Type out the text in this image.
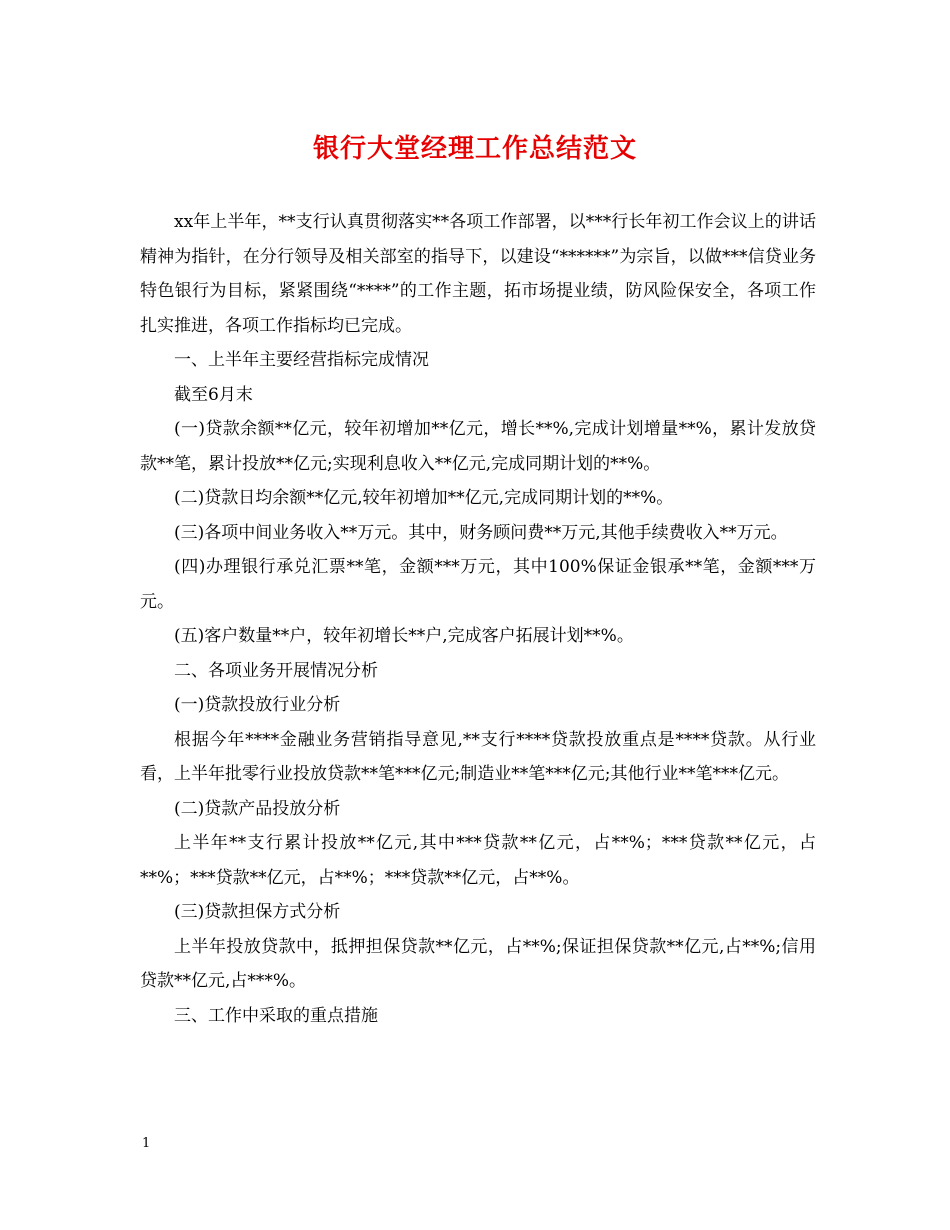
银行大堂经理工作总结范文

xx年上半年，**支行认真贯彻落实**各项工作部署，以***行长年初工作会议上的讲话精神为指针，在分行领导及相关部室的指导下，以建设“******”为宗旨，以做***信贷业务特色银行为目标，紧紧围绕“****”的工作主题，拓市场提业绩，防风险保安全，各项工作扎实推进，各项工作指标均已完成。

一、上半年主要经营指标完成情况

截至6月末

(一)贷款余额**亿元，较年初增加**亿元，增长**%,完成计划增量**%，累计发放贷款**笔，累计投放**亿元;实现利息收入**亿元,完成同期计划的**%。

(二)贷款日均余额**亿元,较年初增加**亿元,完成同期计划的**%。

(三)各项中间业务收入**万元。其中，财务顾问费**万元,其他手续费收入**万元。

(四)办理银行承兑汇票**笔，金额***万元，其中100%保证金银承**笔，金额***万元。

(五)客户数量**户，较年初增长**户,完成客户拓展计划**%。

二、各项业务开展情况分析

(一)贷款投放行业分析

根据今年****金融业务营销指导意见,**支行****贷款投放重点是****贷款。从行业看，上半年批零行业投放贷款**笔***亿元;制造业**笔***亿元;其他行业**笔***亿元。

(二)贷款产品投放分析

上半年**支行累计投放**亿元,其中***贷款**亿元，占**%；***贷款**亿元，占**%；***贷款**亿元，占**%；***贷款**亿元，占**%。

(三)贷款担保方式分析

上半年投放贷款中，抵押担保贷款**亿元，占**%;保证担保贷款**亿元,占**%;信用贷款**亿元,占***%。

三、工作中采取的重点措施

1
